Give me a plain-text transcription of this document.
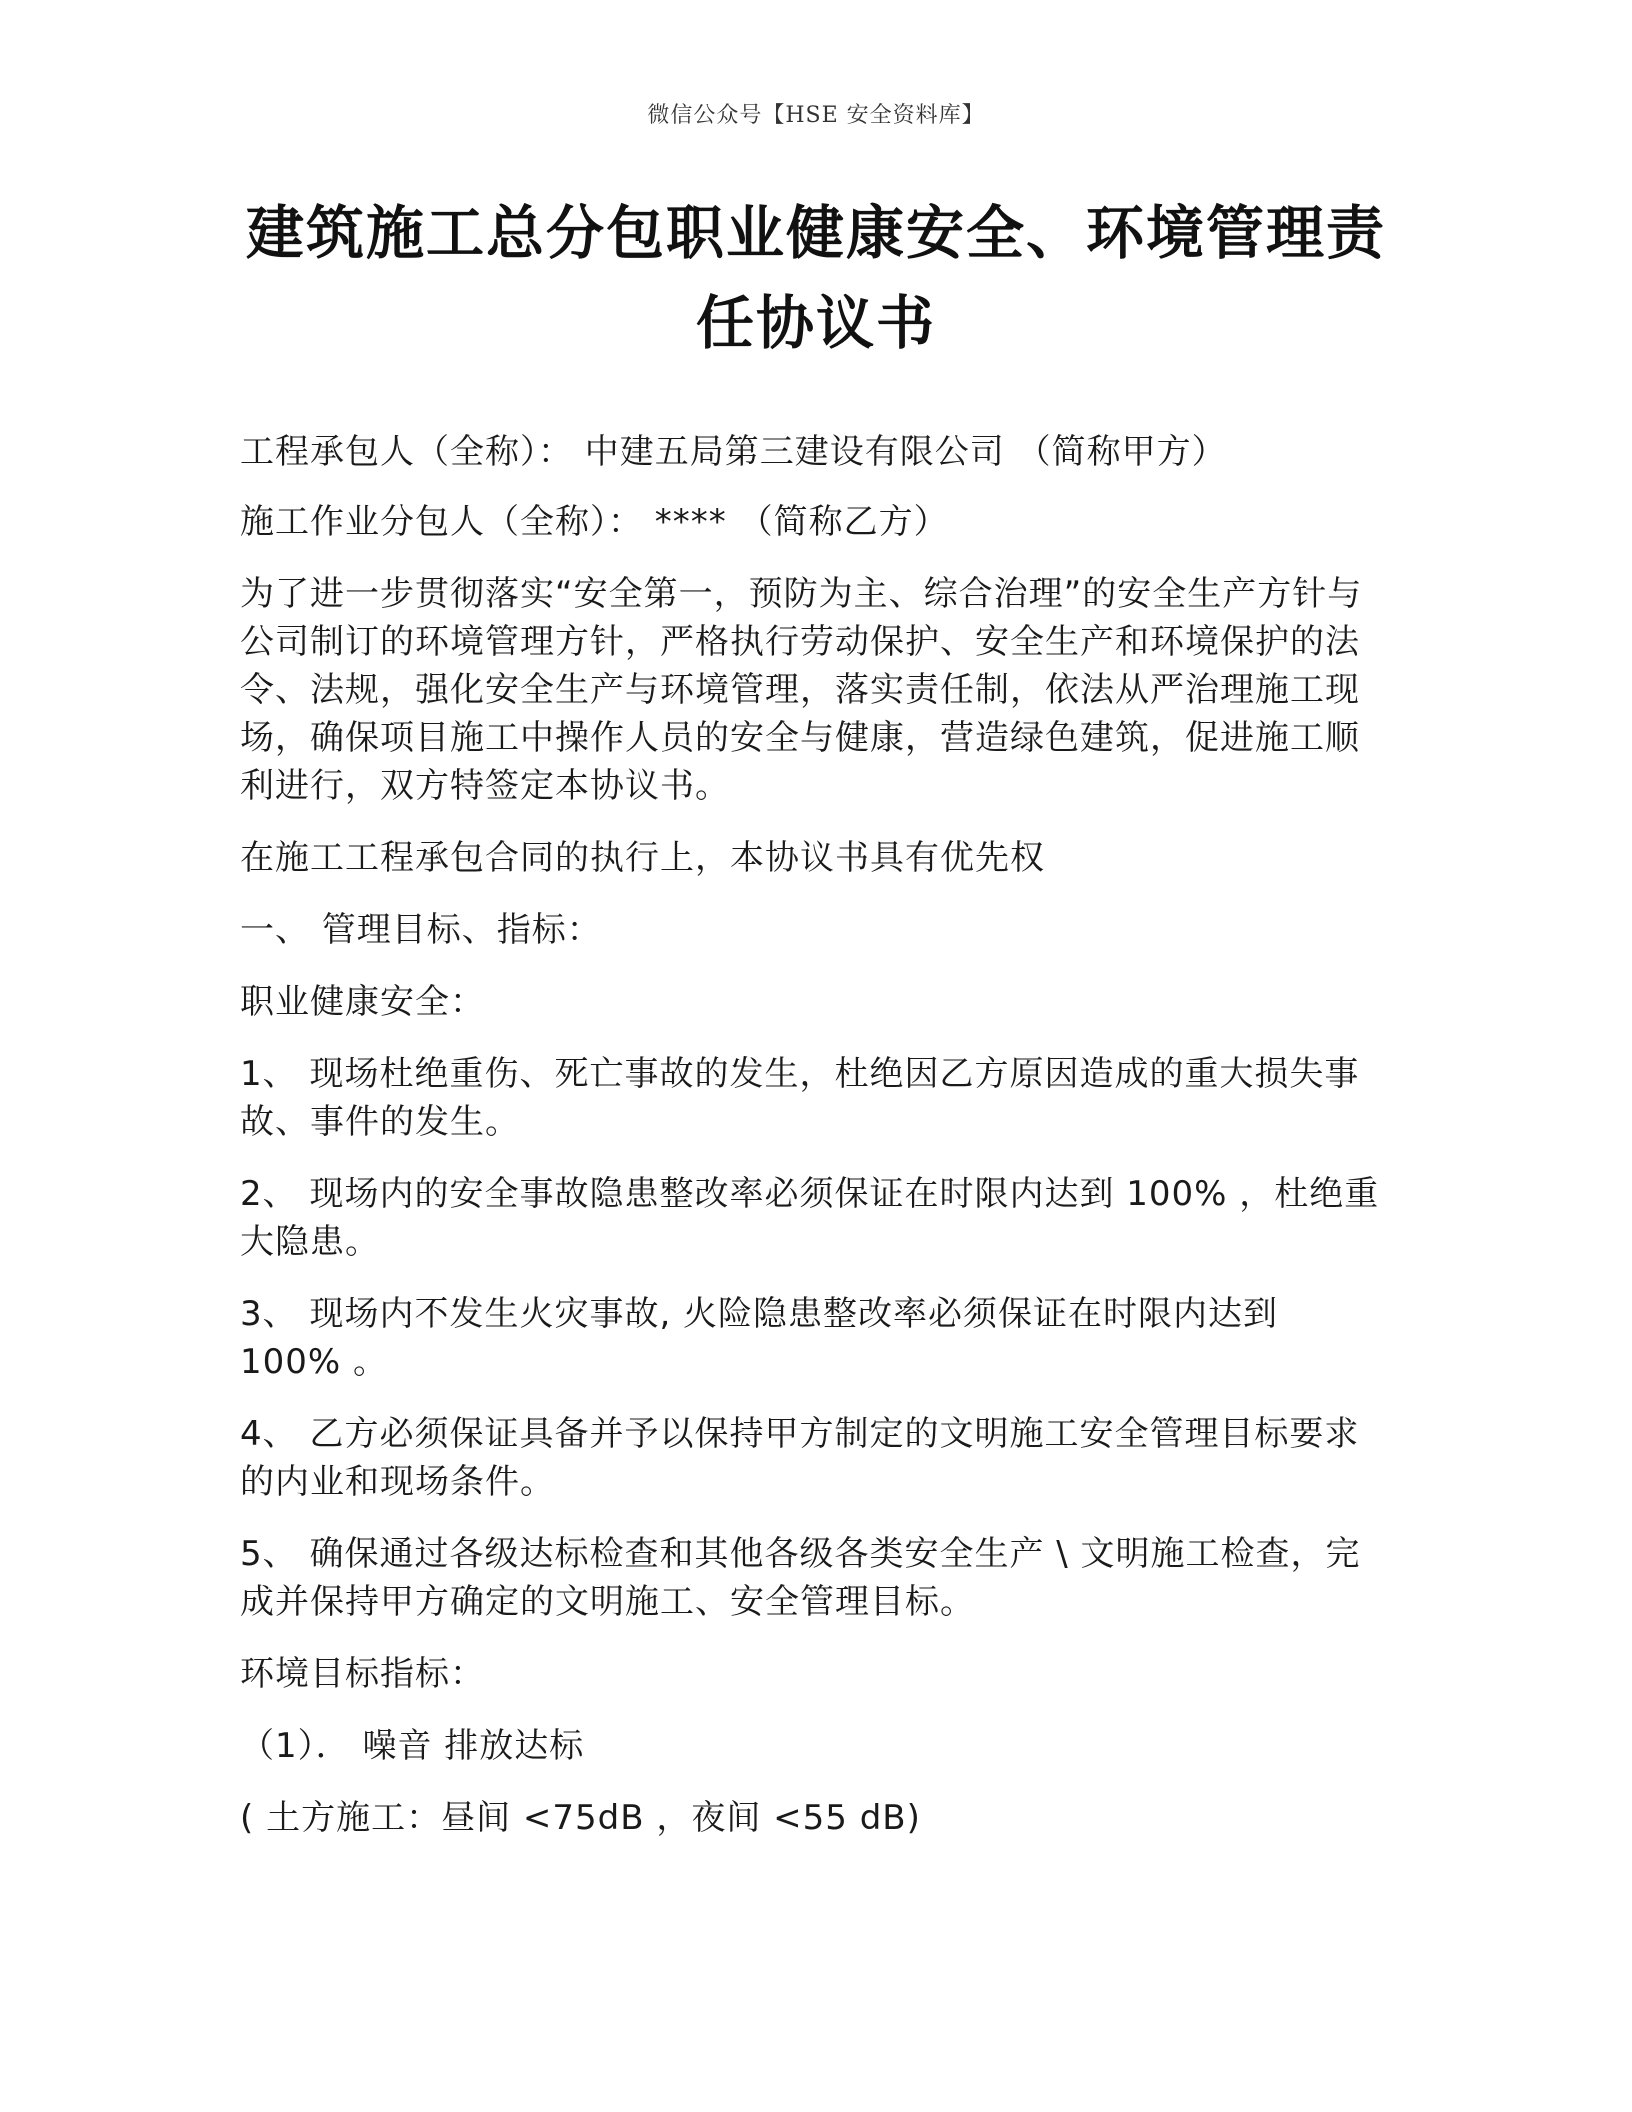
微信公众号【HSE 安全资料库】
建筑施工总分包职业健康安全、环境管理责
任协议书

工程承包人（全称）： 中建五局第三建设有限公司 （简称甲方）

施工作业分包人（全称）： **** （简称乙方）

为了进一步贯彻落实“安全第一，预防为主、综合治理”的安全生产方针与公司制订的环境管理方针，严格执行劳动保护、安全生产和环境保护的法令、法规，强化安全生产与环境管理，落实责任制，依法从严治理施工现场，确保项目施工中操作人员的安全与健康，营造绿色建筑，促进施工顺利进行，双方特签定本协议书。

在施工工程承包合同的执行上，本协议书具有优先权

一、 管理目标、指标：

职业健康安全：

1、 现场杜绝重伤、死亡事故的发生，杜绝因乙方原因造成的重大损失事故、事件的发生。

2、 现场内的安全事故隐患整改率必须保证在时限内达到 100% ，杜绝重大隐患。

3、 现场内不发生火灾事故, 火险隐患整改率必须保证在时限内达到 100% 。

4、 乙方必须保证具备并予以保持甲方制定的文明施工安全管理目标要求的内业和现场条件。

5、 确保通过各级达标检查和其他各级各类安全生产 \ 文明施工检查，完成并保持甲方确定的文明施工、安全管理目标。

环境目标指标：

（1）． 噪音 排放达标

( 土方施工：昼间 <75dB ，夜间 <55 dB)
